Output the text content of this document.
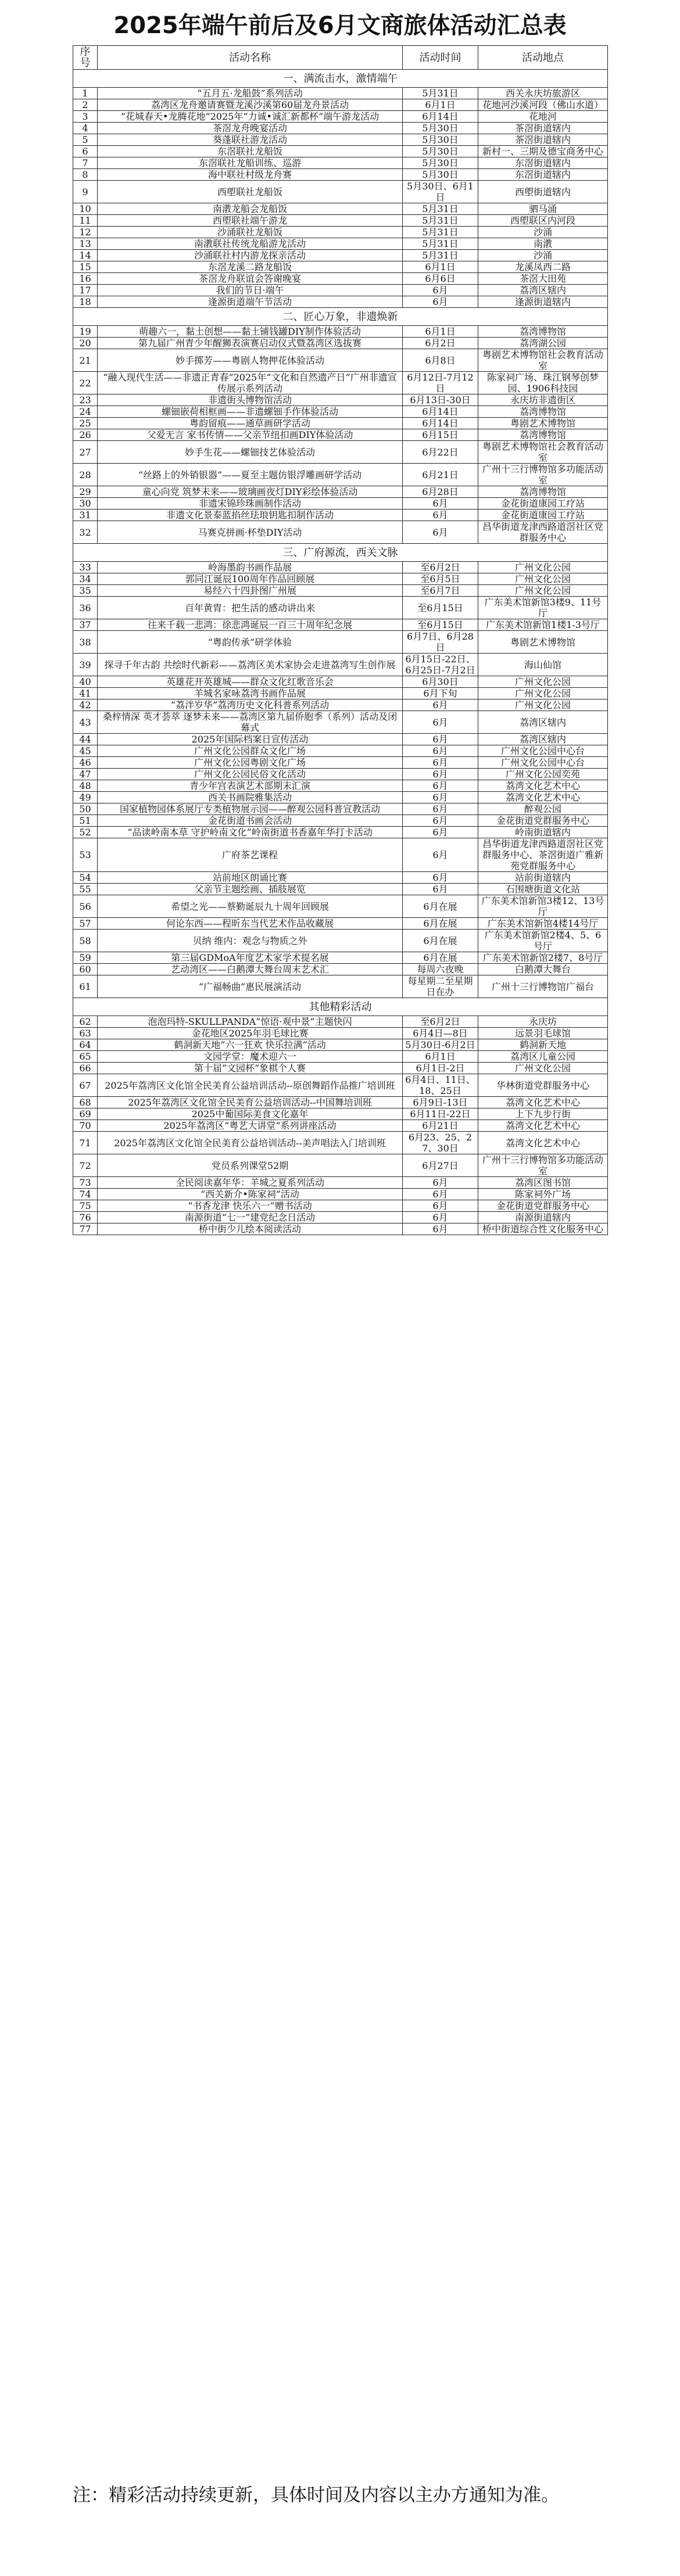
2025年端午前后及6月文商旅体活动汇总表
序号	活动名称	活动时间	活动地点
一、满流击水，激情端午			
1	“五月五·龙船鼓”系列活动	5月31日	西关永庆坊旅游区
2	荔湾区龙舟邀请赛暨龙溪沙溪第60届龙舟景活动	6月1日	花地河沙溪河段（佛山水道）
3	“花城春天•龙腾花地”2025年“力诚•诚汇新都杯”端午游龙活动	6月14日	花地河
4	茶滘龙舟晚宴活动	5月30日	茶滘街道辖内
5	葵蓬联社游龙活动	5月30日	茶滘街道辖内
6	东滘联社龙船饭	5月30日	新村一、三期及德宝商务中心
7	东滘联社龙船训练、巡游	5月30日	东滘街道辖内
8	海中联社村级龙舟赛	5月30日	东滘街道辖内
9	西塱联社龙船饭	5月30日、6月1日	西塱街道辖内
10	南漖龙船会龙船饭	5月31日	驷马涌
11	西塱联社端午游龙	5月31日	西塱联区内河段
12	沙涌联社龙船饭	5月31日	沙涌
13	南漖联社传统龙船游龙活动	5月31日	南漖
14	沙涌联社村内游龙探亲活动	5月31日	沙涌
15	东滘龙溪二路龙船饭	6月1日	龙溪凤西二路
16	茶滘龙舟联谊会答谢晚宴	6月6日	茶滘大田苑
17	我们的节日·端午	6月	荔湾区辖内
18	逢源街道端午节活动	6月	逢源街道辖内
二、匠心万象，非遗焕新			
19	萌趣六一，黏土创想——黏土铺钱罐DIY制作体验活动	6月1日	荔湾博物馆
20	第九届广州青少年醒狮表演赛启动仪式暨荔湾区选拔赛	6月2日	荔湾湖公园
21	妙手掷芳——粤剧人物押花体验活动	6月8日	粤剧艺术博物馆社会教育活动室
22	“融入现代生活——非遗正青春”2025年“文化和自然遗产日”广州非遗宣传展示系列活动	6月12日-7月12日	陈家祠广场、珠江钢琴创梦园、1906科技园
23	非遗街头博物馆活动	6月13日-30日	永庆坊非遗街区
24	螺钿嵌荷相框画——非遗螺钿手作体验活动	6月14日	荔湾博物馆
25	粤韵留痕——通草画研学活动	6月14日	粤剧艺术博物馆
26	父爱无言 家书传情——父亲节纽扣画DIY体验活动	6月15日	荔湾博物馆
27	妙手生花——螺钿技艺体验活动	6月22日	粤剧艺术博物馆社会教育活动室
28	“丝路上的外销银器”——夏至主题仿银浮雕画研学活动	6月21日	广州十三行博物馆多功能活动室
29	童心向党 筑梦未来——玻璃画夜灯DIY彩绘体验活动	6月28日	荔湾博物馆
30	非遗宋锦珍珠画制作活动	6月	金花街道康园工疗站
31	非遗文化景泰蓝掐丝珐琅钥匙扣制作活动	6月	金花街道康园工疗站
32	马赛克拼画·杯垫DIY活动	6月	昌华街道龙津西路道滘社区党群服务中心
三、广府源流，西关文脉			
33	岭海墨韵书画作品展	至6月2日	广州文化公园
34	郭同江诞辰100周年作品回顾展	至6月5日	广州文化公园
35	易经六十四卦图广州展	至6月7日	广州文化公园
36	百年黄胄：把生活的感动讲出来	至6月15日	广东美术馆新馆3楼9、11号厅
37	往来千载一悲鸿：徐悲鸿诞辰一百三十周年纪念展	至6月15日	广东美术馆新馆1楼1-3号厅
38	“粤韵传承”研学体验	6月7日、6月28日	粤剧艺术博物馆
39	探寻千年古韵 共绘时代新彩——荔湾区美术家协会走进荔湾写生创作展	6月15日-22日、6月25日-7月2日	海山仙馆
40	英雄花开英雄城——群众文化红歌音乐会	6月30日	广州文化公园
41	羊城名家咏荔湾书画作品展	6月下旬	广州文化公园
42	“荔泮岁华”荔湾历史文化科普系列活动	6月	广州文化公园
43	桑梓情深 英才荟萃 逐梦未来——荔湾区第九届侨胞季（系列）活动及闭幕式	6月	荔湾区辖内
44	2025年国际档案日宣传活动	6月	荔湾区辖内
45	广州文化公园群众文化广场	6月	广州文化公园中心台
46	广州文化公园粤剧文化广场	6月	广州文化公园中心台
47	广州文化公园民俗文化活动	6月	广州文化公园奕苑
48	青少年宫表演艺术部期末汇演	6月	荔湾文化艺术中心
49	西关书画院雅集活动	6月	荔湾文化艺术中心
50	国家植物园体系展厅专类植物展示园——醉观公园科普宣教活动	6月	醉观公园
51	金花街道书画会活动	6月	金花街道党群服务中心
52	“品读岭南本草 守护岭南文化”岭南街道书香嘉年华打卡活动	6月	岭南街道辖内
53	广府茶艺课程	6月	昌华街道龙津西路道滘社区党群服务中心、茶滘街道广雅新苑党群服务中心
54	站前地区朗诵比赛	6月	站前街道辖内
55	父亲节主题绘画、插肢展览	6月	石围塘街道文化站
56	希望之光——蔡勤诞辰九十周年回顾展	6月在展	广东美术馆新馆3楼12、13号厅
57	何论东西——程昕东当代艺术作品收藏展	6月在展	广东美术馆新馆4楼14号厅
58	贝纳 维内：观念与物质之外	6月在展	广东美术馆新馆2楼4、5、6号厅
59	第三届GDMoA年度艺术家学术提名展	6月在展	广东美术馆新馆2楼7、8号厅
60	艺动湾区——白鹅潭大舞台周末艺术汇	每周六夜晚	白鹅潭大舞台
61	“广福畅曲”惠民展演活动	每星期二至星期日在办	广州十三行博物馆广福台
其他精彩活动			
62	泡泡玛特-SKULLPANDA“惊语·观中景”主题快闪	至6月2日	永庆坊
63	金花地区2025年羽毛球比赛	6月4日—8日	远景羽毛球馆
64	鹤洞新天地“六一狂欢 快乐拉满”活动	5月30日-6月2日	鹤洞新天地
65	文园学堂：魔术迎六一	6月1日	荔湾区儿童公园
66	第十届“文园杯”象棋个人赛	6月1日-2日	广州文化公园
67	2025年荔湾区文化馆全民美育公益培训活动--原创舞蹈作品推广培训班	6月4日、11日、18、25日	华林街道党群服务中心
68	2025年荔湾区文化馆全民美育公益培训活动--中国舞培训班	6月9日-13日	荔湾文化艺术中心
69	2025中葡国际美食文化嘉年	6月11日-22日	上下九步行街
70	2025年荔湾区“粤艺大讲堂”系列讲座活动	6月21日	荔湾文化艺术中心
71	2025年荔湾区文化馆全民美育公益培训活动--美声唱法入门培训班	6月23、25、27、30日	荔湾文化艺术中心
72	党员系列课堂52期	6月27日	广州十三行博物馆多功能活动室
73	全民阅读嘉年华：羊城之夏系列活动	6月	荔湾区图书馆
74	“西关新介•陈家祠”活动	6月	陈家祠外广场
75	“书香龙津 快乐六一”赠书活动	6月	金花街道党群服务中心
76	南源街道“七一”建党纪念日活动	6月	南源街道辖内
77	桥中街少儿绘本阅读活动	6月	桥中街道综合性文化服务中心
注：精彩活动持续更新，具体时间及内容以主办方通知为准。
